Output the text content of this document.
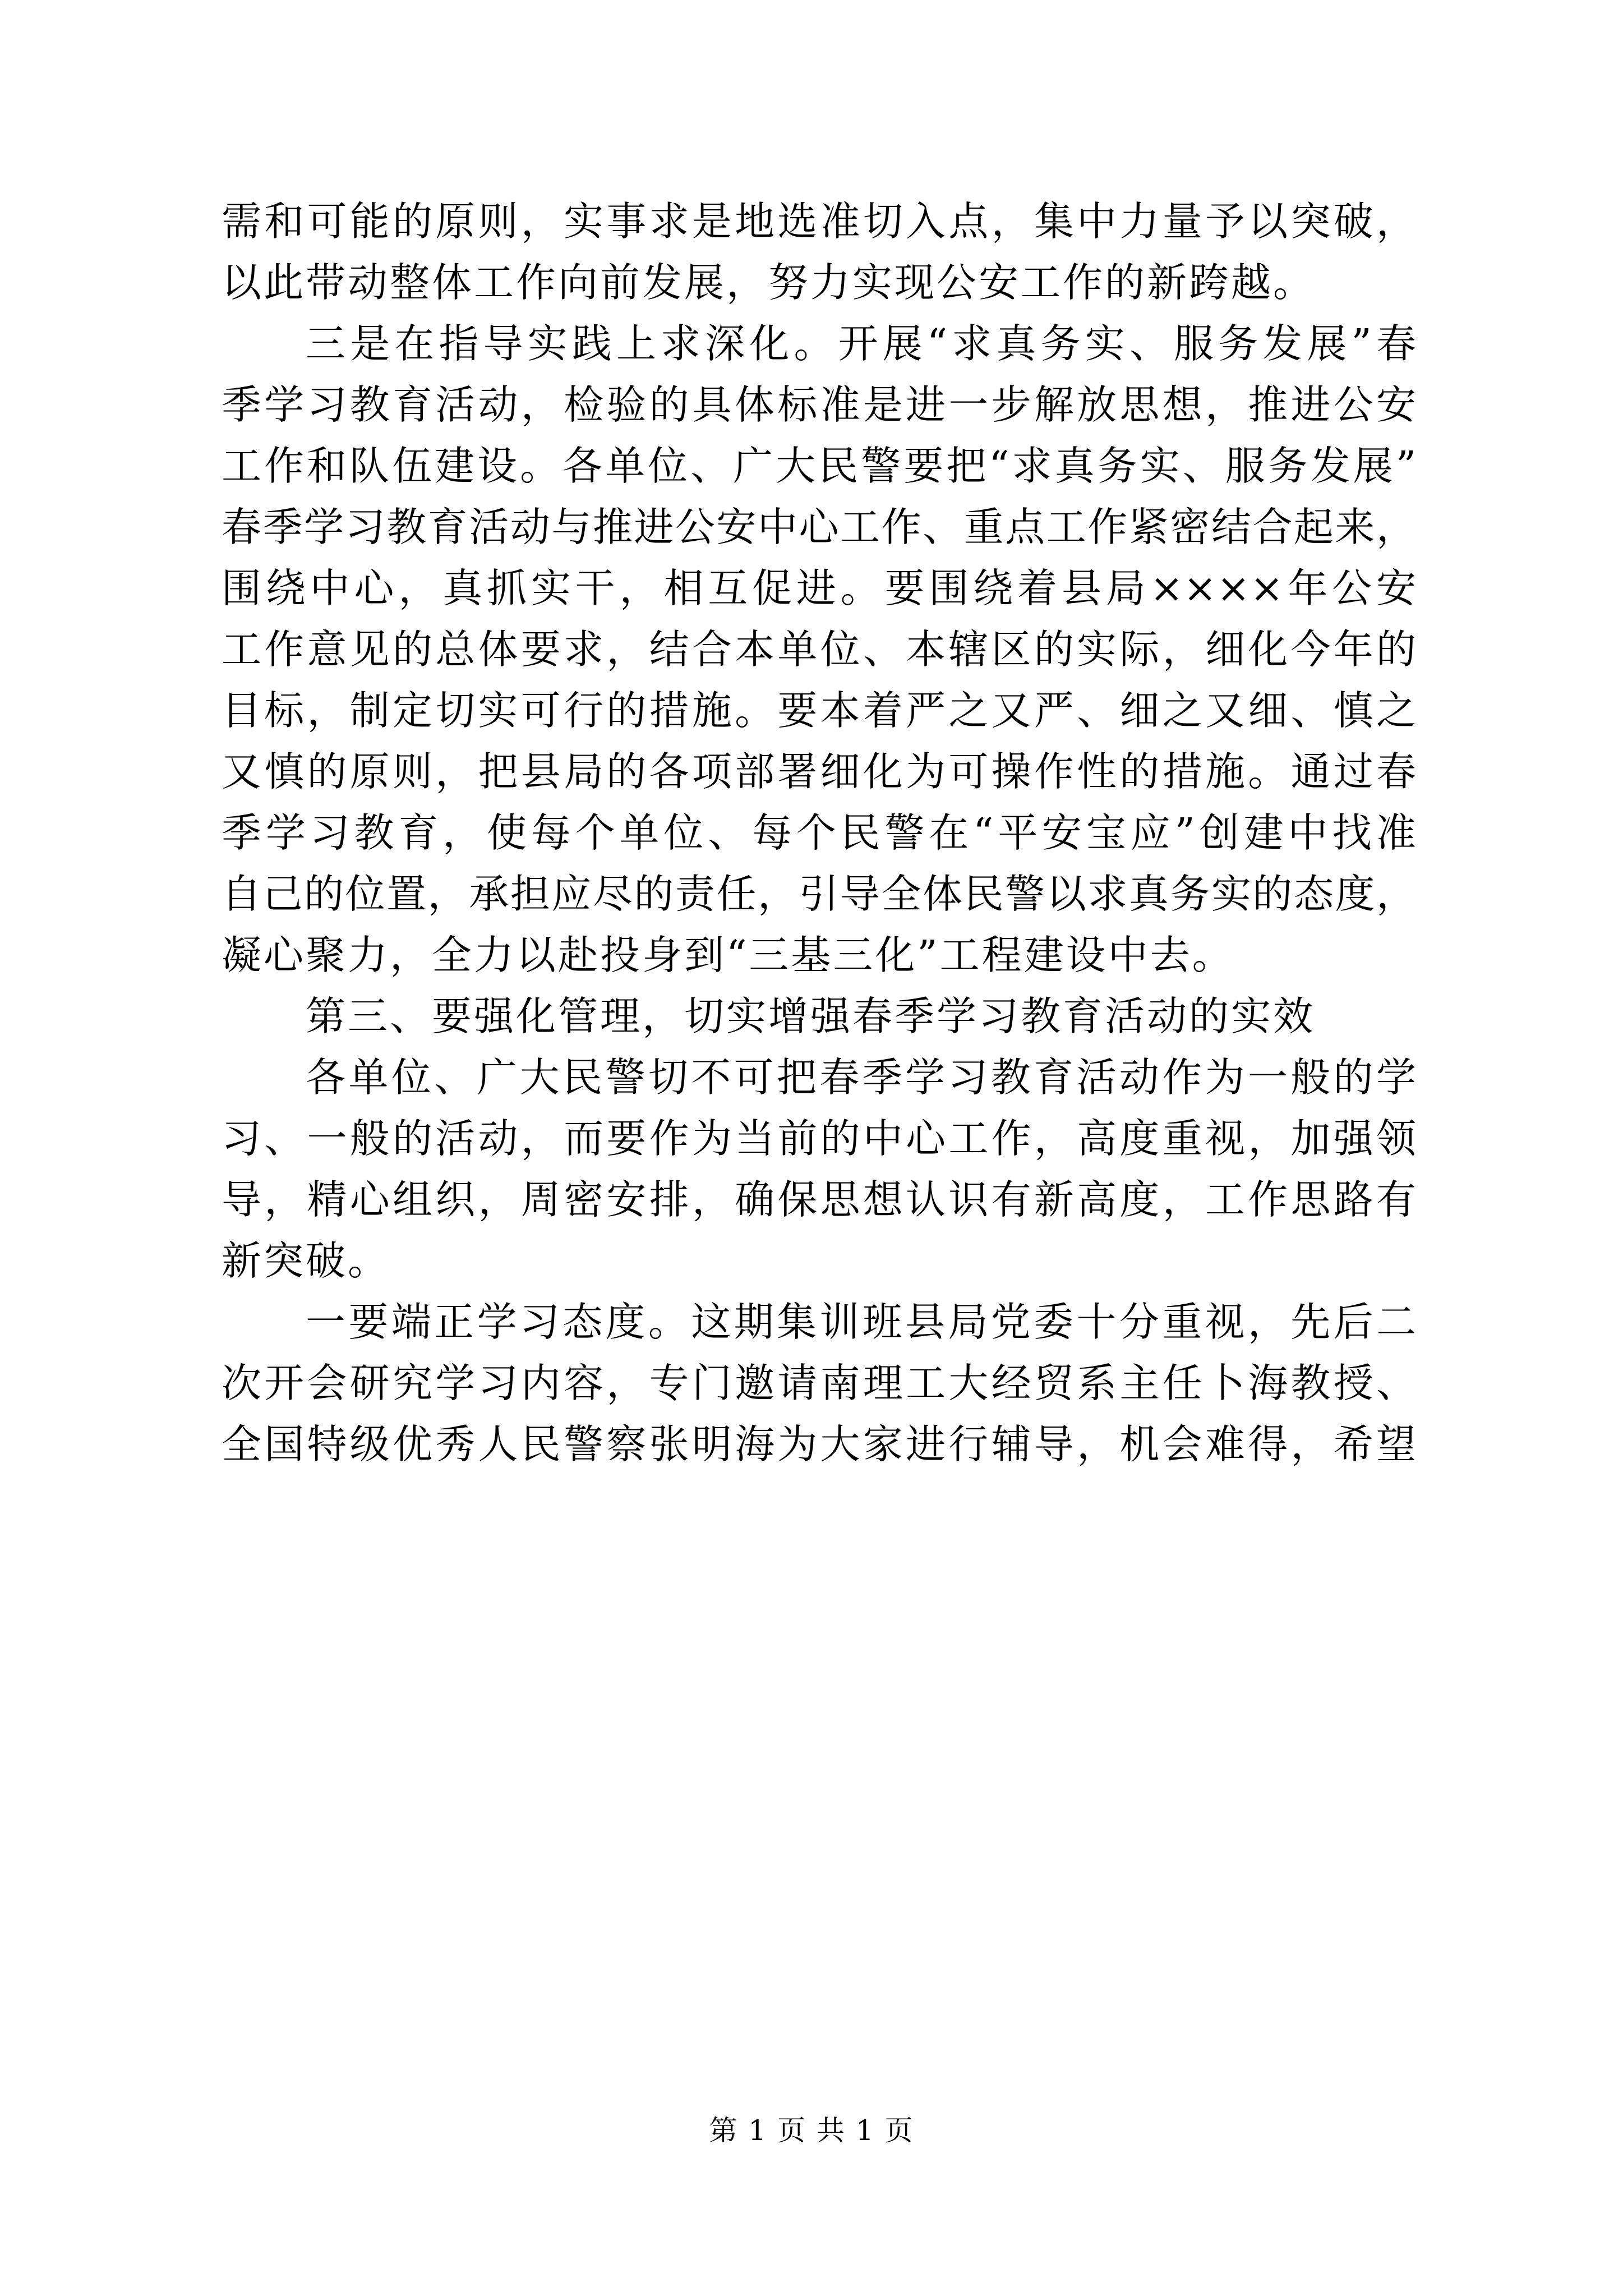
需和可能的原则，实事求是地选准切入点，集中力量予以突破，
以此带动整体工作向前发展，努力实现公安工作的新跨越。
三是在指导实践上求深化。开展“求真务实、服务发展”春
季学习教育活动，检验的具体标准是进一步解放思想，推进公安
工作和队伍建设。各单位、广大民警要把“求真务实、服务发展”
春季学习教育活动与推进公安中心工作、重点工作紧密结合起来，
围绕中心，真抓实干，相互促进。要围绕着县局××××年公安
工作意见的总体要求，结合本单位、本辖区的实际，细化今年的
目标，制定切实可行的措施。要本着严之又严、细之又细、慎之
又慎的原则，把县局的各项部署细化为可操作性的措施。通过春
季学习教育，使每个单位、每个民警在“平安宝应”创建中找准
自己的位置，承担应尽的责任，引导全体民警以求真务实的态度，
凝心聚力，全力以赴投身到“三基三化”工程建设中去。
第三、要强化管理，切实增强春季学习教育活动的实效
各单位、广大民警切不可把春季学习教育活动作为一般的学
习、一般的活动，而要作为当前的中心工作，高度重视，加强领
导，精心组织，周密安排，确保思想认识有新高度，工作思路有
新突破。
一要端正学习态度。这期集训班县局党委十分重视，先后二
次开会研究学习内容，专门邀请南理工大经贸系主任卜海教授、
全国特级优秀人民警察张明海为大家进行辅导，机会难得，希望
第 1 页 共 1 页
